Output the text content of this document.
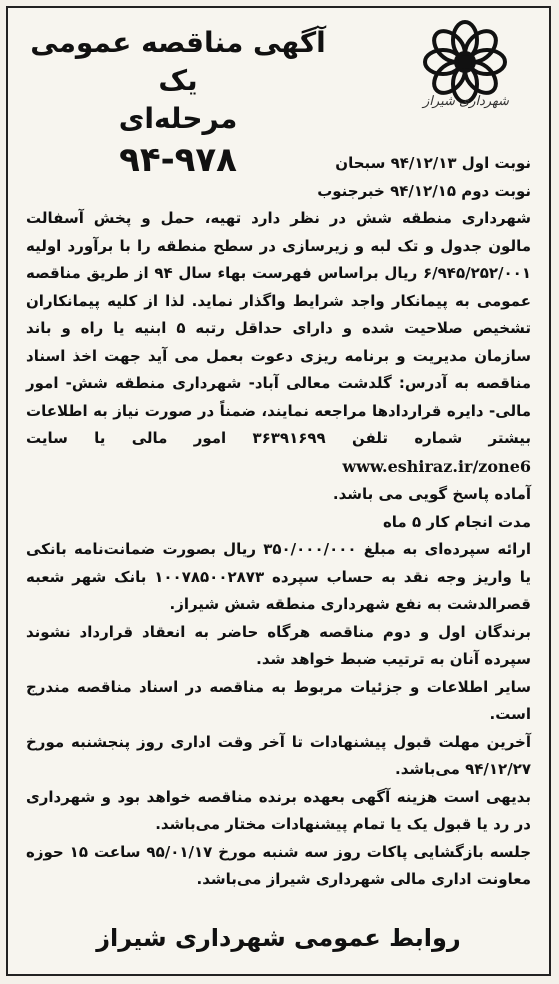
شهرداری شیراز
آگهی مناقصه عمومی یک
مرحله‌ای
۹۴-۹۷۸	نوبت اول ۹۴/۱۲/۱۳ سبحان

نوبت دوم ۹۴/۱۲/۱۵ خبرجنوب

شهرداری منطقه شش در نظر دارد تهیه، حمل و پخش آسفالت مالون جدول و تک لبه و زیرسازی در سطح منطقه را با برآورد اولیه ۶/۹۴۵/۲۵۲/۰۰۱ ریال براساس فهرست بهاء سال ۹۴ از طریق مناقصه عمومی به پیمانکار واجد شرایط واگذار نماید. لذا از کلیه پیمانکاران تشخیص صلاحیت شده و دارای حداقل رتبه ۵ ابنیه یا راه و باند سازمان مدیریت و برنامه ریزی دعوت بعمل می آید جهت اخذ اسناد مناقصه به آدرس: گلدشت معالی آباد- شهرداری منطقه شش- امور مالی- دایره قراردادها مراجعه نمایند، ضمناً در صورت نیاز به اطلاعات بیشتر شماره تلفن ۳۶۳۹۱۶۹۹ امور مالی یا سایت www.eshiraz.ir/zone6

آماده پاسخ گویی می باشد.

مدت انجام کار ۵ ماه

ارائه سپرده‌ای به مبلغ ۳۵۰/۰۰۰/۰۰۰ ریال بصورت ضمانت‌نامه بانکی یا واریز وجه نقد به حساب سپرده ۱۰۰۷۸۵۰۰۲۸۷۳ بانک شهر شعبه قصرالدشت به نفع شهرداری منطقه شش شیراز.

برندگان اول و دوم مناقصه هرگاه حاضر به انعقاد قرارداد نشوند سپرده آنان به ترتیب ضبط خواهد شد.

سایر اطلاعات و جزئیات مربوط به مناقصه در اسناد مناقصه مندرج است.

آخرین مهلت قبول پیشنهادات تا آخر وقت اداری روز پنجشنبه مورخ ۹۴/۱۲/۲۷ می‌باشد.

بدیهی است هزینه آگهی بعهده برنده مناقصه خواهد بود و شهرداری در رد یا قبول یک یا تمام پیشنهادات مختار می‌باشد.

جلسه بازگشایی پاکات روز سه شنبه مورخ ۹۵/۰۱/۱۷ ساعت ۱۵ حوزه معاونت اداری مالی شهرداری شیراز می‌باشد.

روابط عمومی شهرداری شیراز
